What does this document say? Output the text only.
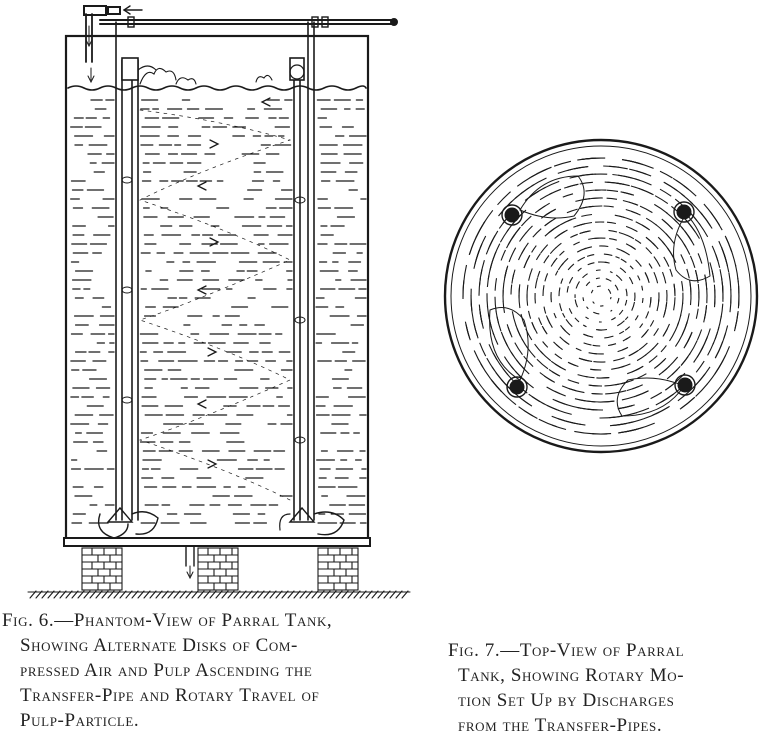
Fig. 6.—Phantom-View of Parral Tank,
Showing Alternate Disks of Com-
pressed Air and Pulp Ascending the
Transfer-Pipe and Rotary Travel of
Pulp-Particle.
Fig. 7.—Top-View of Parral
Tank, Showing Rotary Mo-
tion Set Up by Discharges
from the Transfer-Pipes.
